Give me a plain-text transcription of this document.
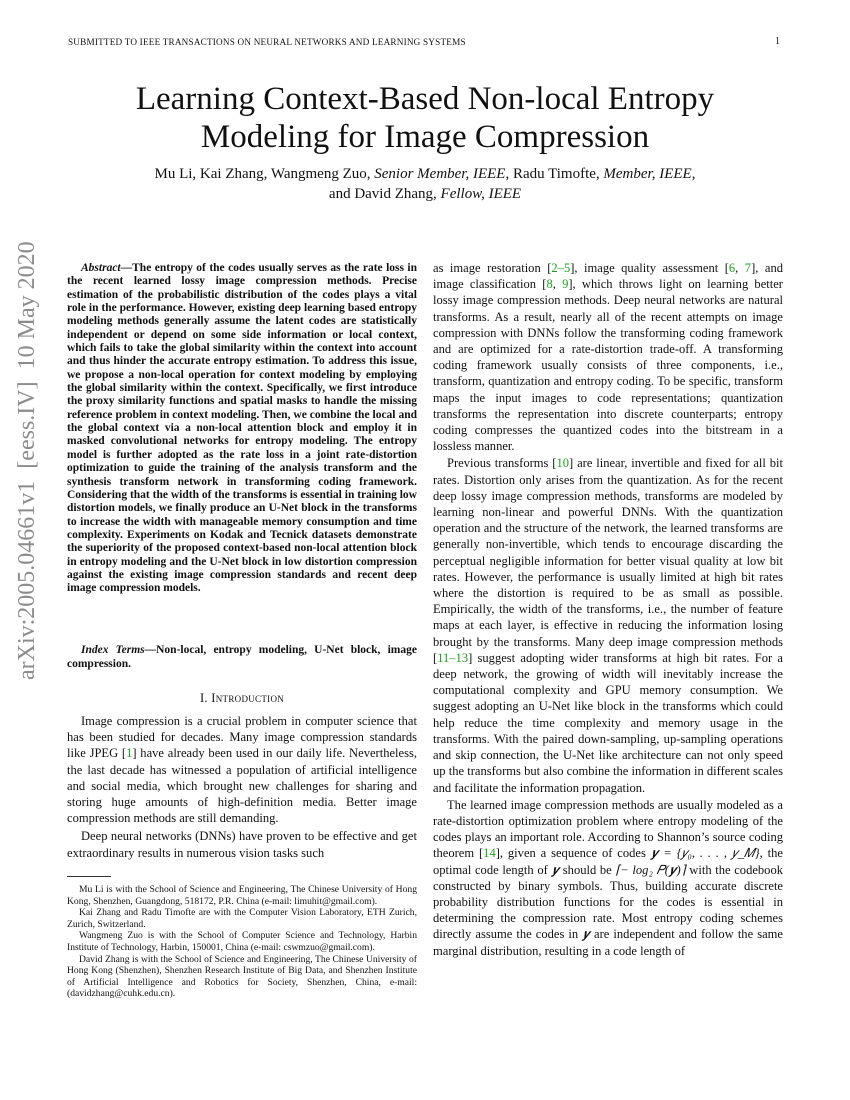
SUBMITTED TO IEEE TRANSACTIONS ON NEURAL NETWORKS AND LEARNING SYSTEMS	1
Learning Context-Based Non-local Entropy
Modeling for Image Compression
Mu Li, Kai Zhang, Wangmeng Zuo, Senior Member, IEEE, Radu Timofte, Member, IEEE,
and David Zhang, Fellow, IEEE
arXiv:2005.04661v1  [eess.IV]  10 May 2020	Abstract—The entropy of the codes usually serves as the rate loss in the recent learned lossy image compression methods. Precise estimation of the probabilistic distribution of the codes plays a vital role in the performance. However, existing deep learning based entropy modeling methods generally assume the latent codes are statistically independent or depend on some side information or local context, which fails to take the global similarity within the context into account and thus hinder the accurate entropy estimation. To address this issue, we propose a non-local operation for context modeling by employing the global similarity within the context. Specifically, we first introduce the proxy similarity functions and spatial masks to handle the missing reference problem in context modeling. Then, we combine the local and the global context via a non-local attention block and employ it in masked convolutional networks for entropy modeling. The entropy model is further adopted as the rate loss in a joint rate-distortion optimization to guide the training of the analysis transform and the synthesis transform network in transforming coding framework. Considering that the width of the transforms is essential in training low distortion models, we finally produce an U-Net block in the transforms to increase the width with manageable memory consumption and time complexity. Experiments on Kodak and Tecnick datasets demonstrate the superiority of the proposed context-based non-local attention block in entropy modeling and the U-Net block in low distortion compression against the existing image compression standards and recent deep image compression models.

Index Terms—Non-local, entropy modeling, U-Net block, image compression.

I. Introduction

Image compression is a crucial problem in computer science that has been studied for decades. Many image compression standards like JPEG [1] have already been used in our daily life. Nevertheless, the last decade has witnessed a population of artificial intelligence and social media, which brought new challenges for sharing and storing huge amounts of high-definition media. Better image compression methods are still demanding.

Deep neural networks (DNNs) have proven to be effective and get extraordinary results in numerous vision tasks such

Mu Li is with the School of Science and Engineering, The Chinese University of Hong Kong, Shenzhen, Guangdong, 518172, P.R. China (e-mail: limuhit@gmail.com).

Kai Zhang and Radu Timofte are with the Computer Vision Laboratory, ETH Zurich, Zurich, Switzerland.

Wangmeng Zuo is with the School of Computer Science and Technology, Harbin Institute of Technology, Harbin, 150001, China (e-mail: cswmzuo@gmail.com).

David Zhang is with the School of Science and Engineering, The Chinese University of Hong Kong (Shenzhen), Shenzhen Research Institute of Big Data, and Shenzhen Institute of Artificial Intelligence and Robotics for Society, Shenzhen, China, e-mail: (davidzhang@cuhk.edu.cn).

as image restoration [2–5], image quality assessment [6, 7], and image classification [8, 9], which throws light on learning better lossy image compression methods. Deep neural networks are natural transforms. As a result, nearly all of the recent attempts on image compression with DNNs follow the transforming coding framework and are optimized for a rate-distortion trade-off. A transforming coding framework usually consists of three components, i.e., transform, quantization and entropy coding. To be specific, transform maps the input images to code representations; quantization transforms the representation into discrete counterparts; entropy coding compresses the quantized codes into the bitstream in a lossless manner.

Previous transforms [10] are linear, invertible and fixed for all bit rates. Distortion only arises from the quantization. As for the recent deep lossy image compression methods, transforms are modeled by learning non-linear and powerful DNNs. With the quantization operation and the structure of the network, the learned transforms are generally non-invertible, which tends to encourage discarding the perceptual negligible information for better visual quality at low bit rates. However, the performance is usually limited at high bit rates where the distortion is required to be as small as possible. Empirically, the width of the transforms, i.e., the number of feature maps at each layer, is effective in reducing the information losing brought by the transforms. Many deep image compression methods [11–13] suggest adopting wider transforms at high bit rates. For a deep network, the growing of width will inevitably increase the computational complexity and GPU memory consumption. We suggest adopting an U-Net like block in the transforms which could help reduce the time complexity and memory usage in the transforms. With the paired down-sampling, up-sampling operations and skip connection, the U-Net like architecture can not only speed up the transforms but also combine the information in different scales and facilitate the information propagation.

The learned image compression methods are usually modeled as a rate-distortion optimization problem where entropy modeling of the codes plays an important role. According to Shannon’s source coding theorem [14], given a sequence of codes 𝒚 = {𝑦₀, . . . , 𝑦_𝑀}, the optimal code length of 𝒚 should be ⌈− log₂ 𝑃(𝒚)⌉ with the codebook constructed by binary symbols. Thus, building accurate discrete probability distribution functions for the codes is essential in determining the compression rate. Most entropy coding schemes directly assume the codes in 𝒚 are independent and follow the same marginal distribution, resulting in a code length of
